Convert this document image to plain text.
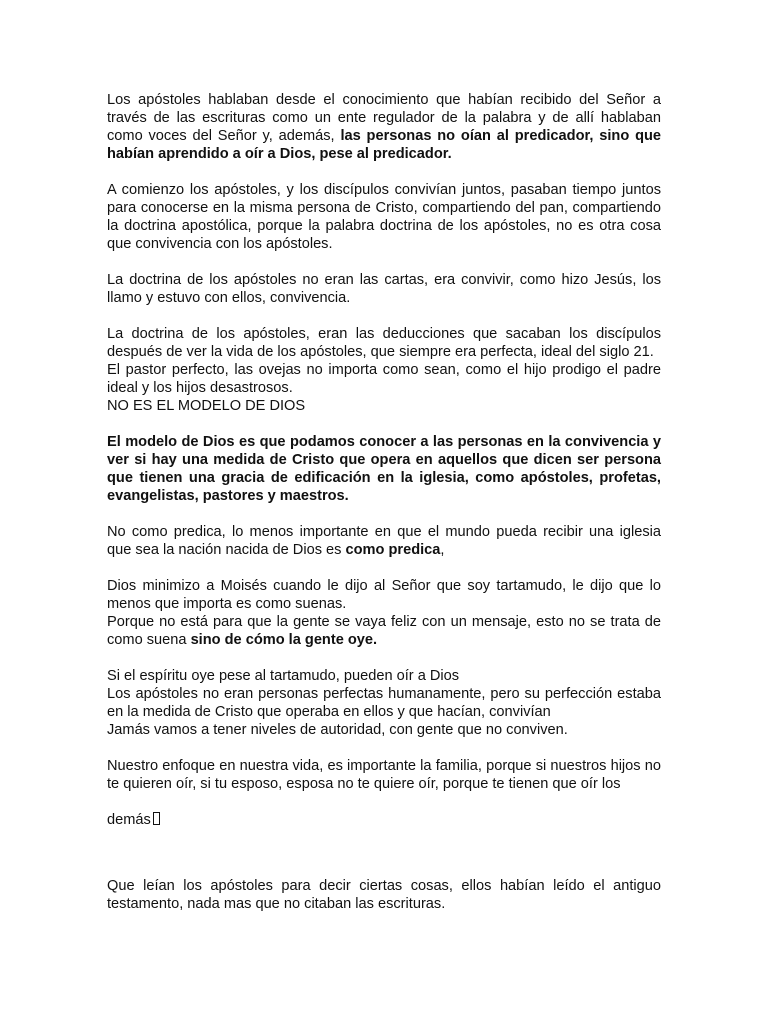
Los apóstoles hablaban desde el conocimiento que habían recibido del Señor a través de las escrituras como un ente regulador de la palabra y de allí hablaban como voces del Señor y, además, las personas no oían al predicador, sino que habían aprendido a oír a Dios, pese al predicador.

A comienzo los apóstoles, y los discípulos convivían juntos, pasaban tiempo juntos para conocerse en la misma persona de Cristo, compartiendo del pan, compartiendo la doctrina apostólica, porque la palabra doctrina de los apóstoles, no es otra cosa que convivencia con los apóstoles.

La doctrina de los apóstoles no eran las cartas, era convivir, como hizo Jesús, los llamo y estuvo con ellos, convivencia.

La doctrina de los apóstoles, eran las deducciones que sacaban los discípulos después de ver la vida de los apóstoles, que siempre era perfecta, ideal del siglo 21.

El pastor perfecto, las ovejas no importa como sean, como el hijo prodigo el padre ideal y los hijos desastrosos.

NO ES EL MODELO DE DIOS

El modelo de Dios es que podamos conocer a las personas en la convivencia y ver si hay una medida de Cristo que opera en aquellos que dicen ser persona que tienen una gracia de edificación en la iglesia, como apóstoles, profetas, evangelistas, pastores y maestros.

No como predica, lo menos importante en que el mundo pueda recibir una iglesia que sea la nación nacida de Dios es como predica,

Dios minimizo a Moisés cuando le dijo al Señor que soy tartamudo, le dijo que lo menos que importa es como suenas.

Porque no está para que la gente se vaya feliz con un mensaje, esto no se trata de como suena sino de cómo la gente oye.

Si el espíritu oye pese al tartamudo, pueden oír a Dios

Los apóstoles no eran personas perfectas humanamente, pero su perfección estaba en la medida de Cristo que operaba en ellos y que hacían, convivían

Jamás vamos a tener niveles de autoridad, con gente que no conviven.

Nuestro enfoque en nuestra vida, es importante la familia, porque si nuestros hijos no te quieren oír, si tu esposo, esposa no te quiere oír, porque te tienen que oír los

demás

Que leían los apóstoles para decir ciertas cosas, ellos habían leído el antiguo testamento, nada mas que no citaban las escrituras.
